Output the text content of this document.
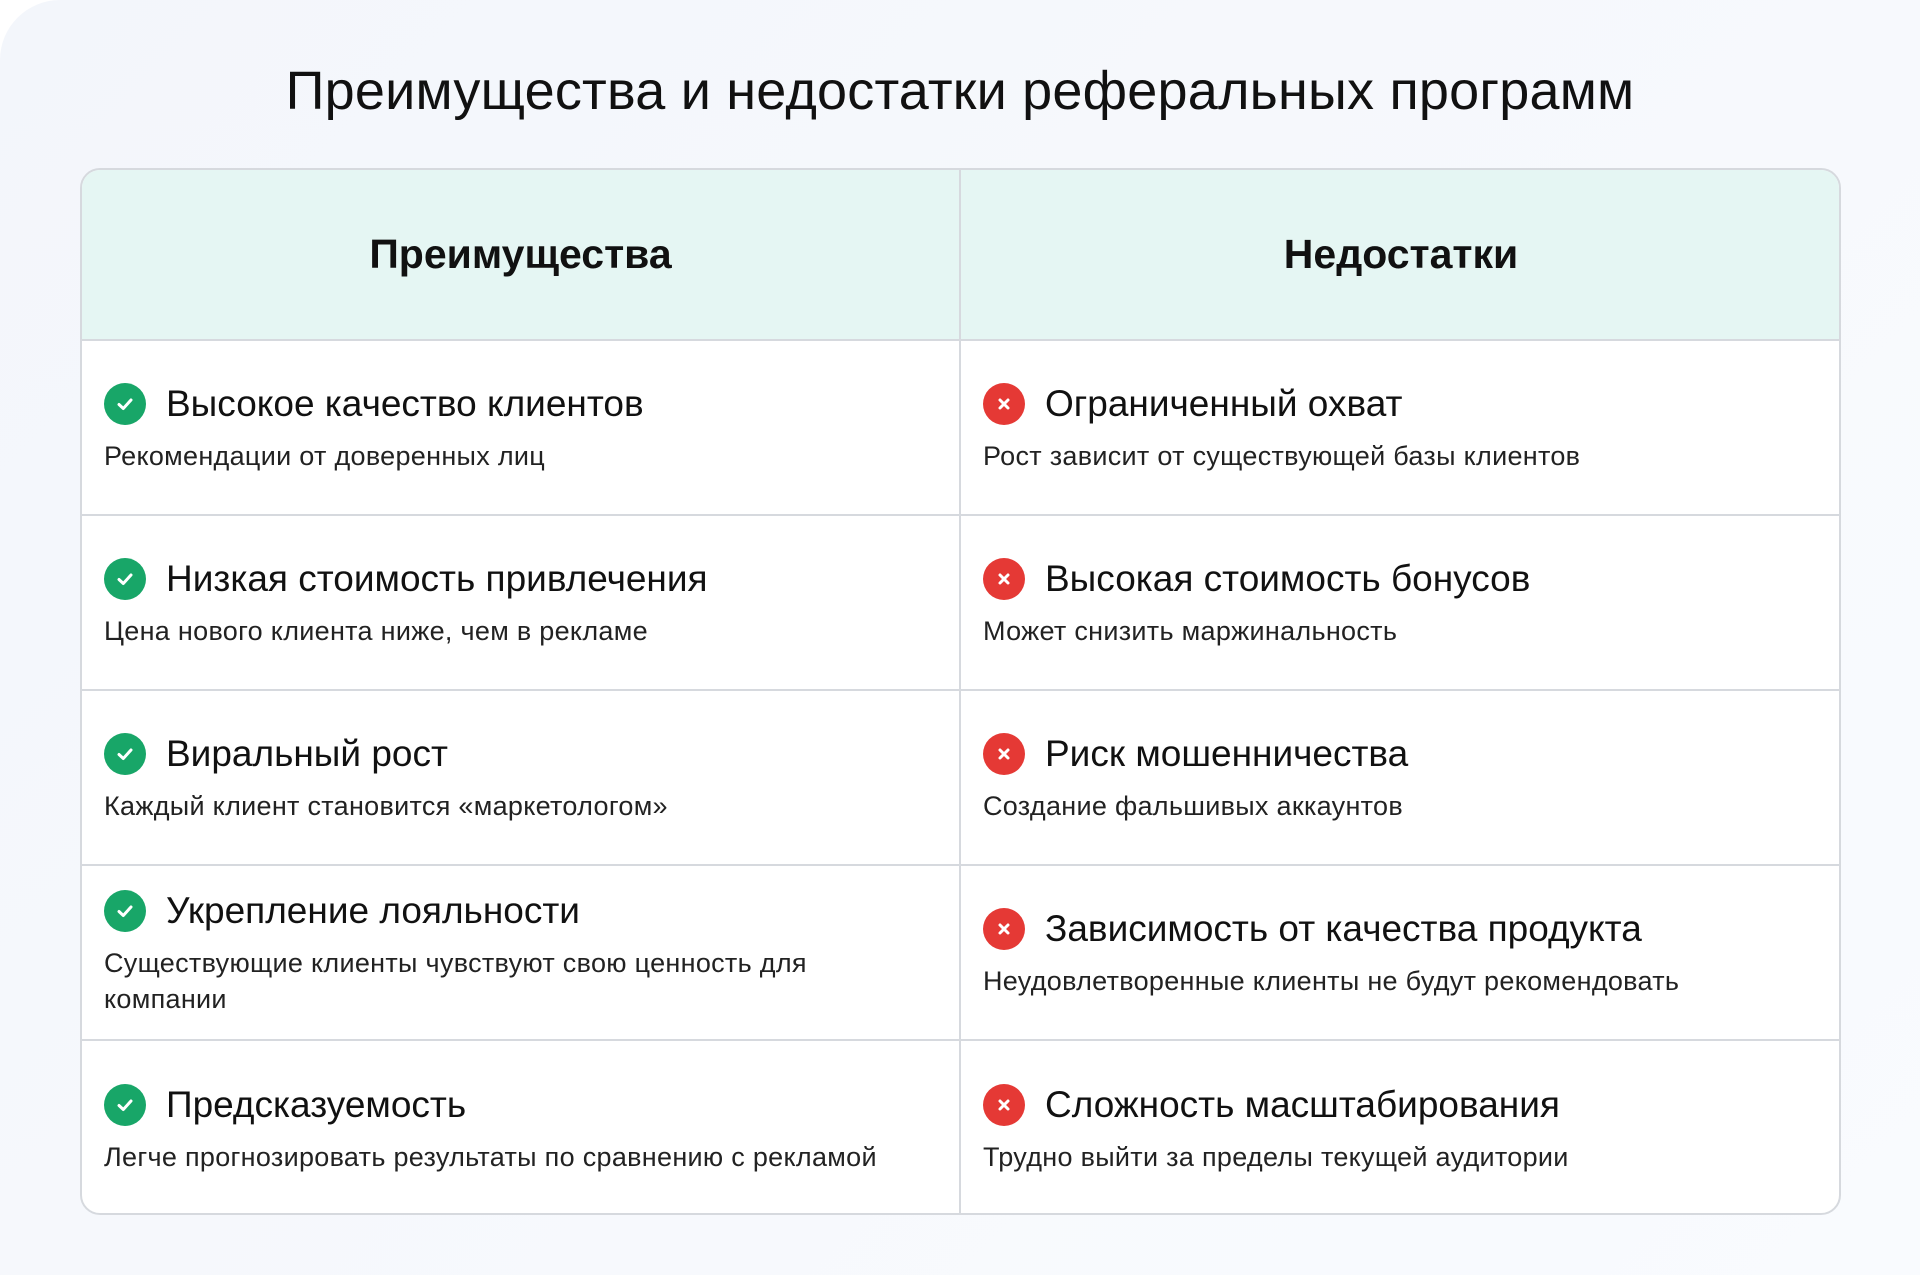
Преимущества и недостатки реферальных программ
Преимущества	Недостатки
Высокое качество клиентов
Рекомендации от доверенных лиц
Ограниченный охват
Рост зависит от существующей базы клиентов
Низкая стоимость привлечения
Цена нового клиента ниже, чем в рекламе
Высокая стоимость бонусов
Может снизить маржинальность
Виральный рост
Каждый клиент становится «маркетологом»
Риск мошенничества
Создание фальшивых аккаунтов
Укрепление лояльности
Существующие клиенты чувствуют свою ценность для компании
Зависимость от качества продукта
Неудовлетворенные клиенты не будут рекомендовать
Предсказуемость
Легче прогнозировать результаты по сравнению с рекламой
Сложность масштабирования
Трудно выйти за пределы текущей аудитории
